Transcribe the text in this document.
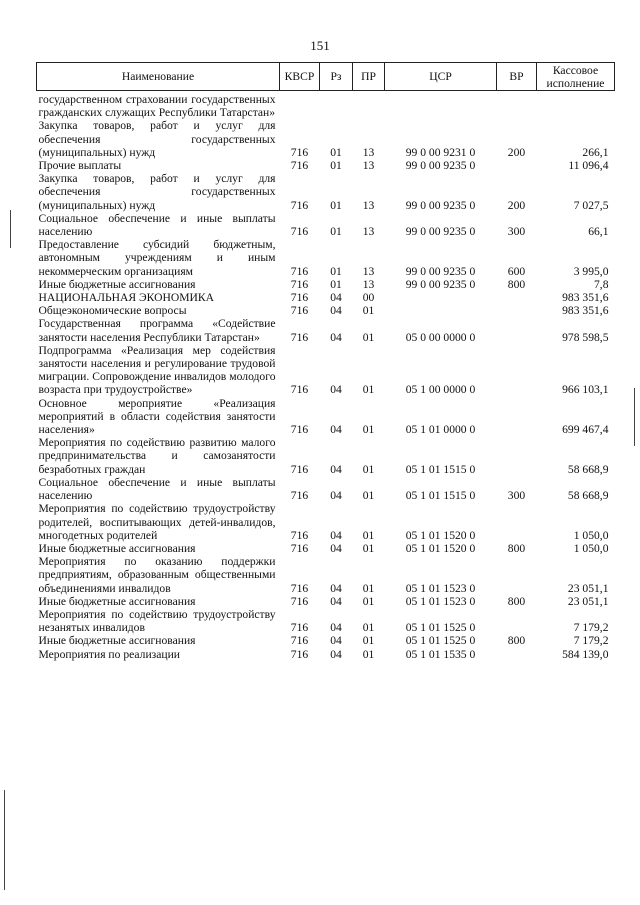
151
Наименование	КВСР	Рз	ПР	ЦСР	ВР	Кассовое исполнение
государственном страховании государственных гражданских служащих Республики Татарстан»						
Закупка товаров, работ и услуг для обеспечения государственных (муниципальных) нужд	716	01	13	99 0 00 9231 0	200	266,1
Прочие выплаты	716	01	13	99 0 00 9235 0		11 096,4
Закупка товаров, работ и услуг для обеспечения государственных (муниципальных) нужд	716	01	13	99 0 00 9235 0	200	7 027,5
Социальное обеспечение и иные выплаты населению	716	01	13	99 0 00 9235 0	300	66,1
Предоставление субсидий бюджетным, автономным учреждениям и иным некоммерческим организациям	716	01	13	99 0 00 9235 0	600	3 995,0
Иные бюджетные ассигнования	716	01	13	99 0 00 9235 0	800	7,8
НАЦИОНАЛЬНАЯ ЭКОНОМИКА	716	04	00			983 351,6
Общеэкономические вопросы	716	04	01			983 351,6
Государственная программа «Содействие занятости населения Республики Татарстан»	716	04	01	05 0 00 0000 0		978 598,5
Подпрограмма «Реализация мер содействия занятости населения и регулирование трудовой миграции. Сопровождение инвалидов молодого возраста при трудоустройстве»	716	04	01	05 1 00 0000 0		966 103,1
Основное мероприятие «Реализация мероприятий в области содействия занятости населения»	716	04	01	05 1 01 0000 0		699 467,4
Мероприятия по содействию развитию малого предпринимательства и самозанятости безработных граждан	716	04	01	05 1 01 1515 0		58 668,9
Социальное обеспечение и иные выплаты населению	716	04	01	05 1 01 1515 0	300	58 668,9
Мероприятия по содействию трудоустройству родителей, воспитывающих детей-инвалидов, многодетных родителей	716	04	01	05 1 01 1520 0		1 050,0
Иные бюджетные ассигнования	716	04	01	05 1 01 1520 0	800	1 050,0
Мероприятия по оказанию поддержки предприятиям, образованным общественными объединениями инвалидов	716	04	01	05 1 01 1523 0		23 051,1
Иные бюджетные ассигнования	716	04	01	05 1 01 1523 0	800	23 051,1
Мероприятия по содействию трудоустройству незанятых инвалидов	716	04	01	05 1 01 1525 0		7 179,2
Иные бюджетные ассигнования	716	04	01	05 1 01 1525 0	800	7 179,2
Мероприятия по реализации	716	04	01	05 1 01 1535 0		584 139,0
